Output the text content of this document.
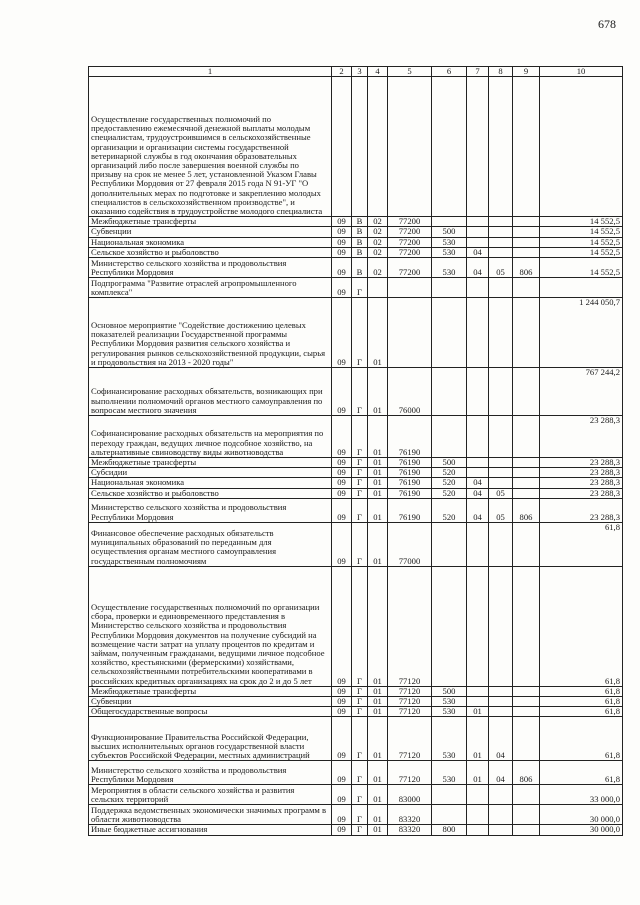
678
1	2	3	4	5	6	7	8	9	10
Осуществление государственных полномочий по предоставлению ежемесячной денежной выплаты молодым специалистам, трудоустроившимся в сельскохозяйственные организации и организации системы государственной ветеринарной службы в год окончания образовательных организаций либо после завершения военной службы по призыву на срок не менее 5 лет, установленной Указом Главы Республики Мордовия от 27 февраля 2015 года N 91-УГ "О дополнительных мерах по подготовке и закреплению молодых специалистов в сельскохозяйственном производстве", и оказанию содействия в трудоустройстве молодого специалиста									
Межбюджетные трансферты	09	В	02	77200					14 552,5
Субвенции	09	В	02	77200	500				14 552,5
Национальная экономика	09	В	02	77200	530				14 552,5
Сельское хозяйство и рыболовство	09	В	02	77200	530	04			14 552,5
Министерство сельского хозяйства и продовольствия Республики Мордовия	09	В	02	77200	530	04	05	806	14 552,5
Подпрограмма "Развитие отраслей агропромышленного комплекса"	09	Г							
Основное мероприятие "Содействие достижению целевых показателей реализации Государственной программы Республики Мордовия развития сельского хозяйства и регулирования рынков сельскохозяйственной продукции, сырья и продовольствия на 2013 - 2020 годы"	09	Г	01						1 244 050,7
Софинансирование расходных обязательств, возникающих при выполнении полномочий органов местного самоуправления по вопросам местного значения	09	Г	01	76000					767 244,2
Софинансирование расходных обязательств на мероприятия по переходу граждан, ведущих личное подсобное хозяйство, на альтернативные свиноводству виды животноводства	09	Г	01	76190					23 288,3
Межбюджетные трансферты	09	Г	01	76190	500				23 288,3
Субсидии	09	Г	01	76190	520				23 288,3
Национальная экономика	09	Г	01	76190	520	04			23 288,3
Сельское хозяйство и рыболовство	09	Г	01	76190	520	04	05		23 288,3
Министерство сельского хозяйства и продовольствия Республики Мордовия	09	Г	01	76190	520	04	05	806	23 288,3
Финансовое обеспечение расходных обязательств муниципальных образований по переданным для осуществления органам местного самоуправления государственным полномочиям	09	Г	01	77000					61,8
Осуществление государственных полномочий по организации сбора, проверки и единовременного представления в Министерство сельского хозяйства и продовольствия Республики Мордовия документов на получение субсидий на возмещение части затрат на уплату процентов по кредитам и займам, полученным гражданами, ведущими личное подсобное хозяйство, крестьянскими (фермерскими) хозяйствами, сельскохозяйственными потребительскими кооперативами в российских кредитных организациях на срок до 2 и до 5 лет	09	Г	01	77120					61,8
Межбюджетные трансферты	09	Г	01	77120	500				61,8
Субвенции	09	Г	01	77120	530				61,8
Общегосударственные вопросы	09	Г	01	77120	530	01			61,8
Функционирование Правительства Российской Федерации, высших исполнительных органов государственной власти субъектов Российской Федерации, местных администраций	09	Г	01	77120	530	01	04		61,8
Министерство сельского хозяйства и продовольствия Республики Мордовия	09	Г	01	77120	530	01	04	806	61,8
Мероприятия в области сельского хозяйства и развития сельских территорий	09	Г	01	83000					33 000,0
Поддержка ведомственных экономически значимых программ в области животноводства	09	Г	01	83320					30 000,0
Иные бюджетные ассигнования	09	Г	01	83320	800				30 000,0
